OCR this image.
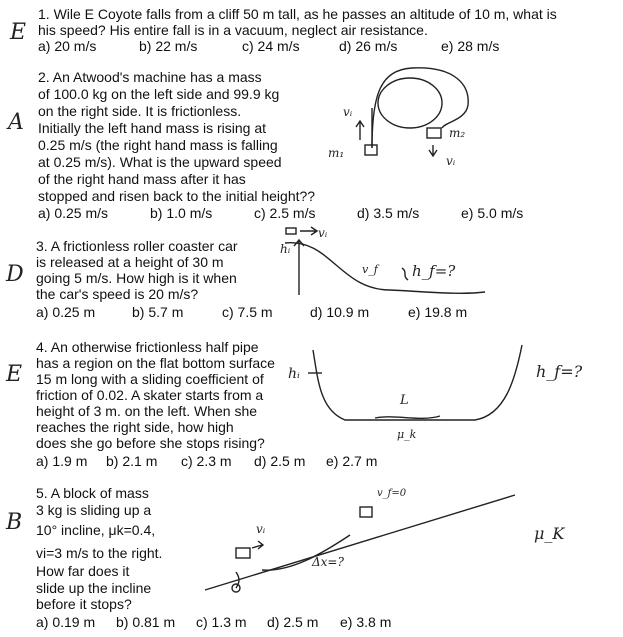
1. Wile E Coyote falls from a cliff 50 m tall, as he passes an altitude of 10 m, what is
his speed? His entire fall is in a vacuum, neglect air resistance.
a) 20 m/s	b) 22 m/s	c) 24 m/s	d) 26 m/s	e) 28 m/s
E
2. An Atwood's machine has a mass
of 100.0 kg on the left side and 99.9 kg
on the right side. It is frictionless.
Initially the left hand mass is rising at
0.25 m/s (the right hand mass is falling
at 0.25 m/s). What is the upward speed
of the right hand mass after it has
stopped and risen back to the initial height??
a) 0.25 m/s	b) 1.0 m/s	c) 2.5 m/s	d) 3.5 m/s	e) 5.0 m/s
A	vᵢ
m₁
m₂
vᵢ
3. A frictionless roller coaster car
is released at a height of 30 m
going 5 m/s. How high is it when
the car's speed is 20 m/s?
a) 0.25 m	b) 5.7 m	c) 7.5 m	d) 10.9 m	e) 19.8 m
D
hᵢ
vᵢ
v_f h_f=?
4. An otherwise frictionless half pipe
has a region on the flat bottom surface
15 m long with a sliding coefficient of
friction of 0.02. A skater starts from a
height of 3 m. on the left. When she
reaches the right side, how high
does she go before she stops rising?
a) 1.9 m b) 2.1 m c) 2.3 m d) 2.5 m e) 2.7 m
E	hᵢ
L
μ_k
h_f=?
5. A block of mass
3 kg is sliding up a
10° incline, μk=0.4,
vi=3 m/s to the right.
How far does it
slide up the incline
before it stops?
a) 0.19 m b) 0.81 m c) 1.3 m d) 2.5 m e) 3.8 m
B	vᵢ
v_f=0
Δx=?
μ_K
